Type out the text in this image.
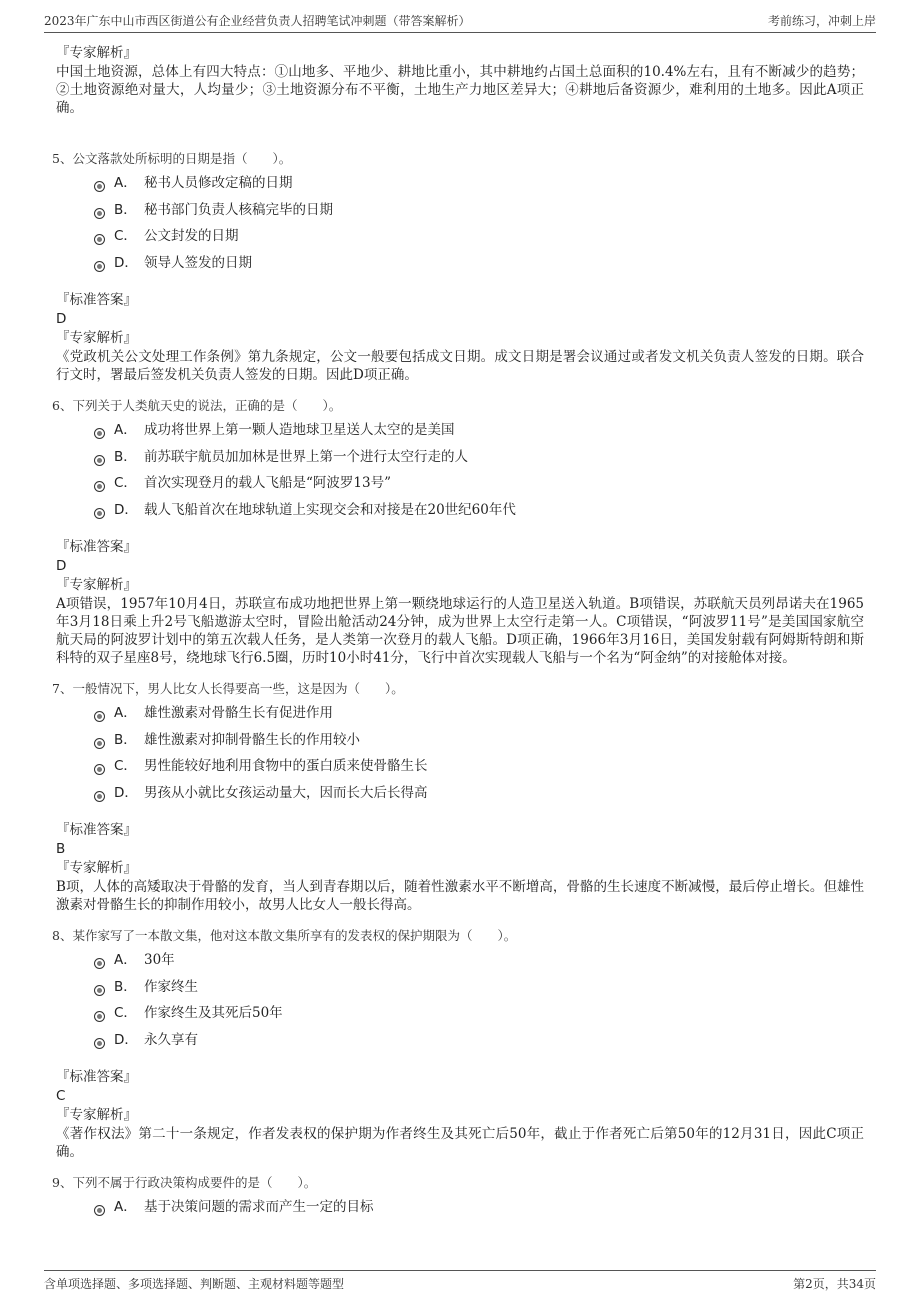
2023年广东中山市西区街道公有企业经营负责人招聘笔试冲刺题（带答案解析）	考前练习，冲刺上岸
『专家解析』
中国土地资源，总体上有四大特点：①山地多、平地少、耕地比重小，其中耕地约占国土总面积的10.4%左右，且有不断减少的趋势；②土地资源绝对量大，人均量少；③土地资源分布不平衡，土地生产力地区差异大；④耕地后备资源少，难利用的土地多。因此A项正确。
5、公文落款处所标明的日期是指（　　）。
A． 秘书人员修改定稿的日期
B． 秘书部门负责人核稿完毕的日期
C． 公文封发的日期
D． 领导人签发的日期
『标准答案』
D
『专家解析』
《党政机关公文处理工作条例》第九条规定，公文一般要包括成文日期。成文日期是署会议通过或者发文机关负责人签发的日期。联合行文时，署最后签发机关负责人签发的日期。因此D项正确。
6、下列关于人类航天史的说法，正确的是（　　）。
A． 成功将世界上第一颗人造地球卫星送人太空的是美国
B． 前苏联宇航员加加林是世界上第一个进行太空行走的人
C． 首次实现登月的载人飞船是“阿波罗13号”
D． 载人飞船首次在地球轨道上实现交会和对接是在20世纪60年代
『标准答案』
D
『专家解析』
A项错误，1957年10月4日，苏联宣布成功地把世界上第一颗绕地球运行的人造卫星送入轨道。B项错误，苏联航天员列昂诺夫在1965年3月18日乘上升2号飞船遨游太空时，冒险出舱活动24分钟，成为世界上太空行走第一人。C项错误，“阿波罗11号”是美国国家航空航天局的阿波罗计划中的第五次载人任务，是人类第一次登月的载人飞船。D项正确，1966年3月16日，美国发射载有阿姆斯特朗和斯科特的双子星座8号，绕地球飞行6.5圈，历时10小时41分，飞行中首次实现载人飞船与一个名为“阿金纳”的对接舱体对接。
7、一般情况下，男人比女人长得要高一些，这是因为（　　）。
A． 雄性激素对骨骼生长有促进作用
B． 雄性激素对抑制骨骼生长的作用较小
C． 男性能较好地利用食物中的蛋白质来使骨骼生长
D． 男孩从小就比女孩运动量大，因而长大后长得高
『标准答案』
B
『专家解析』
B项，人体的高矮取决于骨骼的发育，当人到青春期以后，随着性激素水平不断增高，骨骼的生长速度不断减慢，最后停止增长。但雄性激素对骨骼生长的抑制作用较小，故男人比女人一般长得高。
8、某作家写了一本散文集，他对这本散文集所享有的发表权的保护期限为（　　）。
A． 30年
B． 作家终生
C． 作家终生及其死后50年
D． 永久享有
『标准答案』
C
『专家解析』
《著作权法》第二十一条规定，作者发表权的保护期为作者终生及其死亡后50年，截止于作者死亡后第50年的12月31日，因此C项正确。
9、下列不属于行政决策构成要件的是（　　）。
A． 基于决策问题的需求而产生一定的目标
含单项选择题、多项选择题、判断题、主观材料题等题型	第2页，共34页
